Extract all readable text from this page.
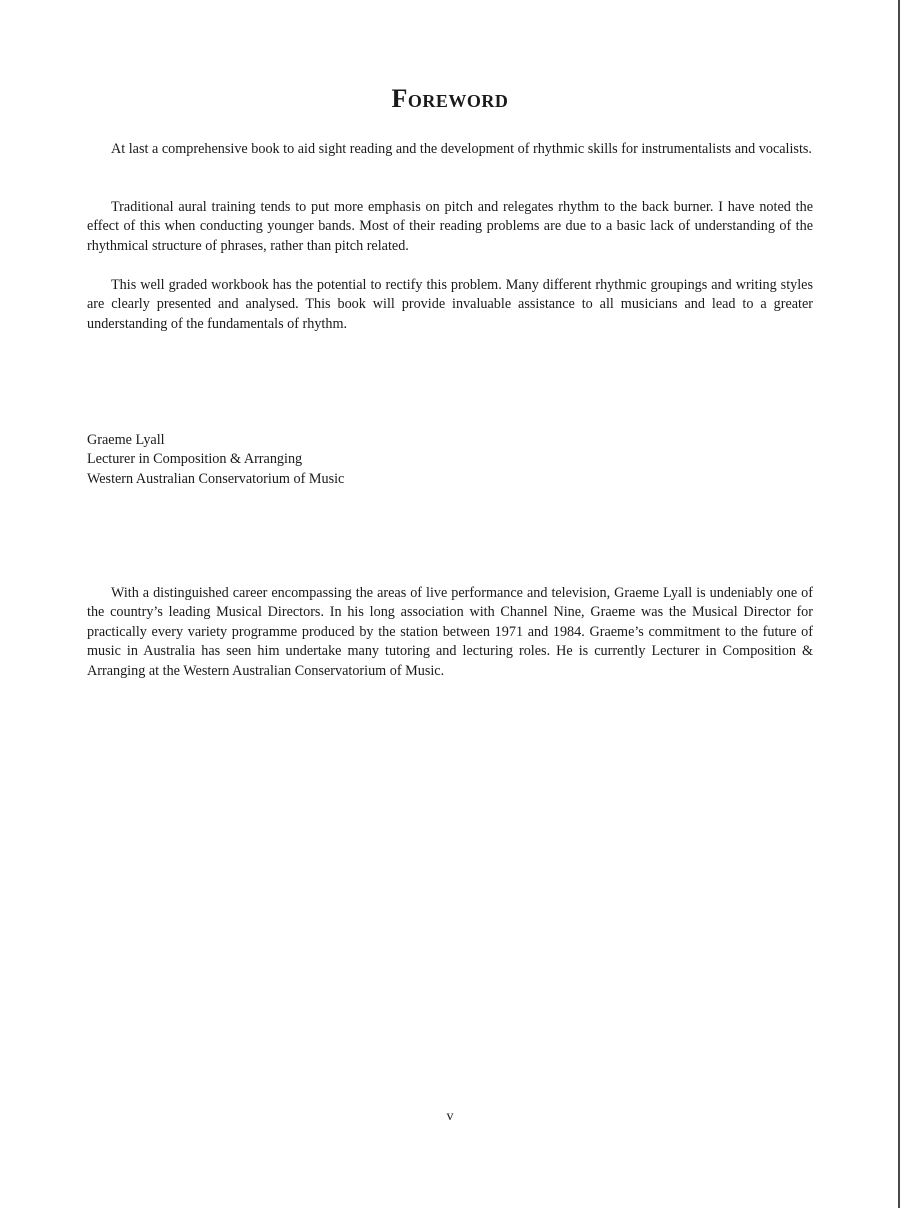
Foreword

At last a comprehensive book to aid sight reading and the development of rhythmic skills for instrumentalists and vocalists.

Traditional aural training tends to put more emphasis on pitch and relegates rhythm to the back burner. I have noted the effect of this when conducting younger bands. Most of their reading problems are due to a basic lack of understanding of the rhythmical structure of phrases, rather than pitch related.

This well graded workbook has the potential to rectify this problem. Many different rhythmic groupings and writing styles are clearly presented and analysed. This book will provide invaluable assistance to all musicians and lead to a greater understanding of the fundamentals of rhythm.

Graeme Lyall
Lecturer in Composition & Arranging
Western Australian Conservatorium of Music

With a distinguished career encompassing the areas of live performance and television, Graeme Lyall is undeniably one of the country’s leading Musical Directors. In his long association with Channel Nine, Graeme was the Musical Director for practically every variety programme produced by the station between 1971 and 1984. Graeme’s commitment to the future of music in Australia has seen him undertake many tutoring and lecturing roles. He is currently Lecturer in Composition & Arranging at the Western Australian Conservatorium of Music.

v
